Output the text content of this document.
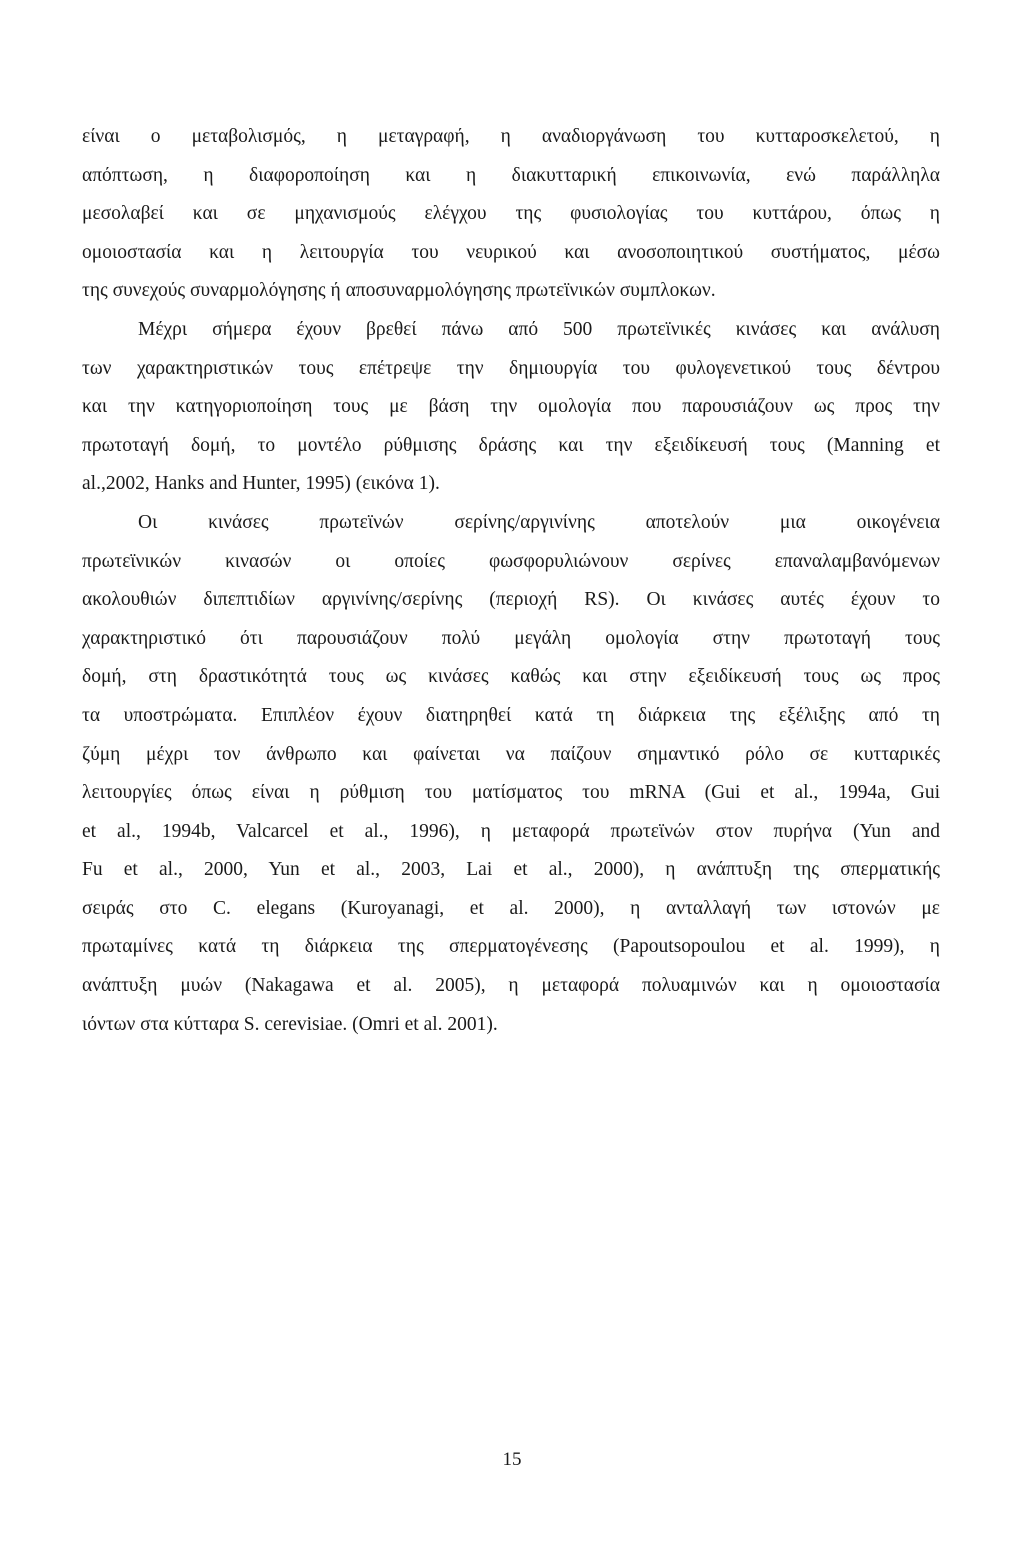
είναι ο μεταβολισμός, η μεταγραφή, η αναδιοργάνωση του κυτταροσκελετού, η
απόπτωση, η διαφοροποίηση και η διακυτταρική επικοινωνία, ενώ παράλληλα
μεσολαβεί και σε μηχανισμούς ελέγχου της φυσιολογίας του κυττάρου, όπως η
ομοιοστασία και η λειτουργία του νευρικού και ανοσοποιητικού συστήματος, μέσω
της συνεχούς συναρμολόγησης ή αποσυναρμολόγησης πρωτεϊνικών συμπλοκων.
Μέχρι σήμερα έχουν βρεθεί πάνω από 500 πρωτεϊνικές κινάσες και ανάλυση
των χαρακτηριστικών τους επέτρεψε την δημιουργία του φυλογενετικού τους δέντρου
και την κατηγοριοποίηση τους με βάση την ομολογία που παρουσιάζουν ως προς την
πρωτοταγή δομή, το μοντέλο ρύθμισης δράσης και την εξειδίκευσή τους (Manning et
al.,2002, Hanks and Hunter, 1995) (εικόνα 1).
Οι κινάσες πρωτεϊνών σερίνης/αργινίνης αποτελούν μια οικογένεια
πρωτεϊνικών κινασών οι οποίες φωσφορυλιώνουν σερίνες επαναλαμβανόμενων
ακολουθιών διπεπτιδίων αργινίνης/σερίνης (περιοχή RS). Οι κινάσες αυτές έχουν το
χαρακτηριστικό ότι παρουσιάζουν πολύ μεγάλη ομολογία στην πρωτοταγή τους
δομή, στη δραστικότητά τους ως κινάσες καθώς και στην εξειδίκευσή τους ως προς
τα υποστρώματα. Επιπλέον έχουν διατηρηθεί κατά τη διάρκεια της εξέλιξης από τη
ζύμη μέχρι τον άνθρωπο και φαίνεται να παίζουν σημαντικό ρόλο σε κυτταρικές
λειτουργίες όπως είναι η ρύθμιση του ματίσματος του mRNA (Gui et al., 1994a, Gui
et al., 1994b, Valcarcel et al., 1996), η μεταφορά πρωτεϊνών στον πυρήνα (Yun and
Fu et al., 2000, Yun et al., 2003, Lai et al., 2000), η ανάπτυξη της σπερματικής
σειράς στο C. elegans (Kuroyanagi, et al. 2000), η ανταλλαγή των ιστονών με
πρωταμίνες κατά τη διάρκεια της σπερματογένεσης (Papoutsopoulou et al. 1999), η
ανάπτυξη μυών (Nakagawa et al. 2005), η μεταφορά πολυαμινών και η ομοιοστασία
ιόντων στα κύτταρα S. cerevisiae. (Omri et al. 2001).
15
